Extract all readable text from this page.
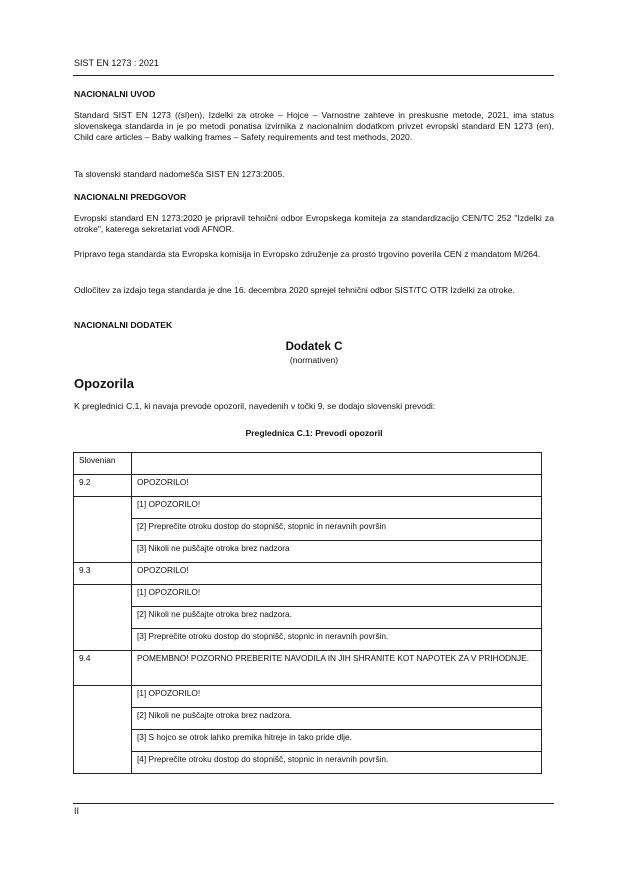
SIST EN 1273 : 2021
NACIONALNI UVOD
Standard SIST EN 1273 ((sl)en), Izdelki za otroke – Hojce – Varnostne zahteve in preskusne metode, 2021, ima status slovenskega standarda in je po metodi ponatisa izvirnika z nacionalnim dodatkom privzet evropski standard EN 1273 (en), Child care articles – Baby walking frames – Safety requirements and test methods, 2020.
Ta slovenski standard nadomešča SIST EN 1273:2005.
NACIONALNI PREDGOVOR
Evropski standard EN 1273:2020 je pripravil tehnični odbor Evropskega komiteja za standardizacijo CEN/TC 252 "Izdelki za otroke", katerega sekretariat vodi AFNOR.
Pripravo tega standarda sta Evropska komisija in Evropsko združenje za prosto trgovino poverila CEN z mandatom M/264.
Odločitev za izdajo tega standarda je dne 16. decembra 2020 sprejel tehnični odbor SIST/TC OTR Izdelki za otroke.
NACIONALNI DODATEK
Dodatek C
(normativen)
Opozorila
K preglednici C.1, ki navaja prevode opozoril, navedenih v točki 9, se dodajo slovenski prevodi:
Preglednica C.1: Prevodi opozoril
Slovenian	
9.2	OPOZORILO!
	[1] OPOZORILO!
	[2] Preprečite otroku dostop do stopnišč, stopnic in neravnih površin
	[3] Nikoli ne puščajte otroka brez nadzora
9.3	OPOZORILO!
	[1] OPOZORILO!
	[2] Nikoli ne puščajte otroka brez nadzora.
	[3] Preprečite otroku dostop do stopnišč, stopnic in neravnih površin.
9.4	POMEMBNO! POZORNO PREBERITE NAVODILA IN JIH SHRANITE KOT NAPOTEK ZA V PRIHODNJE.
	[1] OPOZORILO!
	[2] Nikoli ne puščajte otroka brez nadzora.
	[3] S hojco se otrok lahko premika hitreje in tako pride dlje.
	[4] Preprečite otroku dostop do stopnišč, stopnic in neravnih površin.
II
